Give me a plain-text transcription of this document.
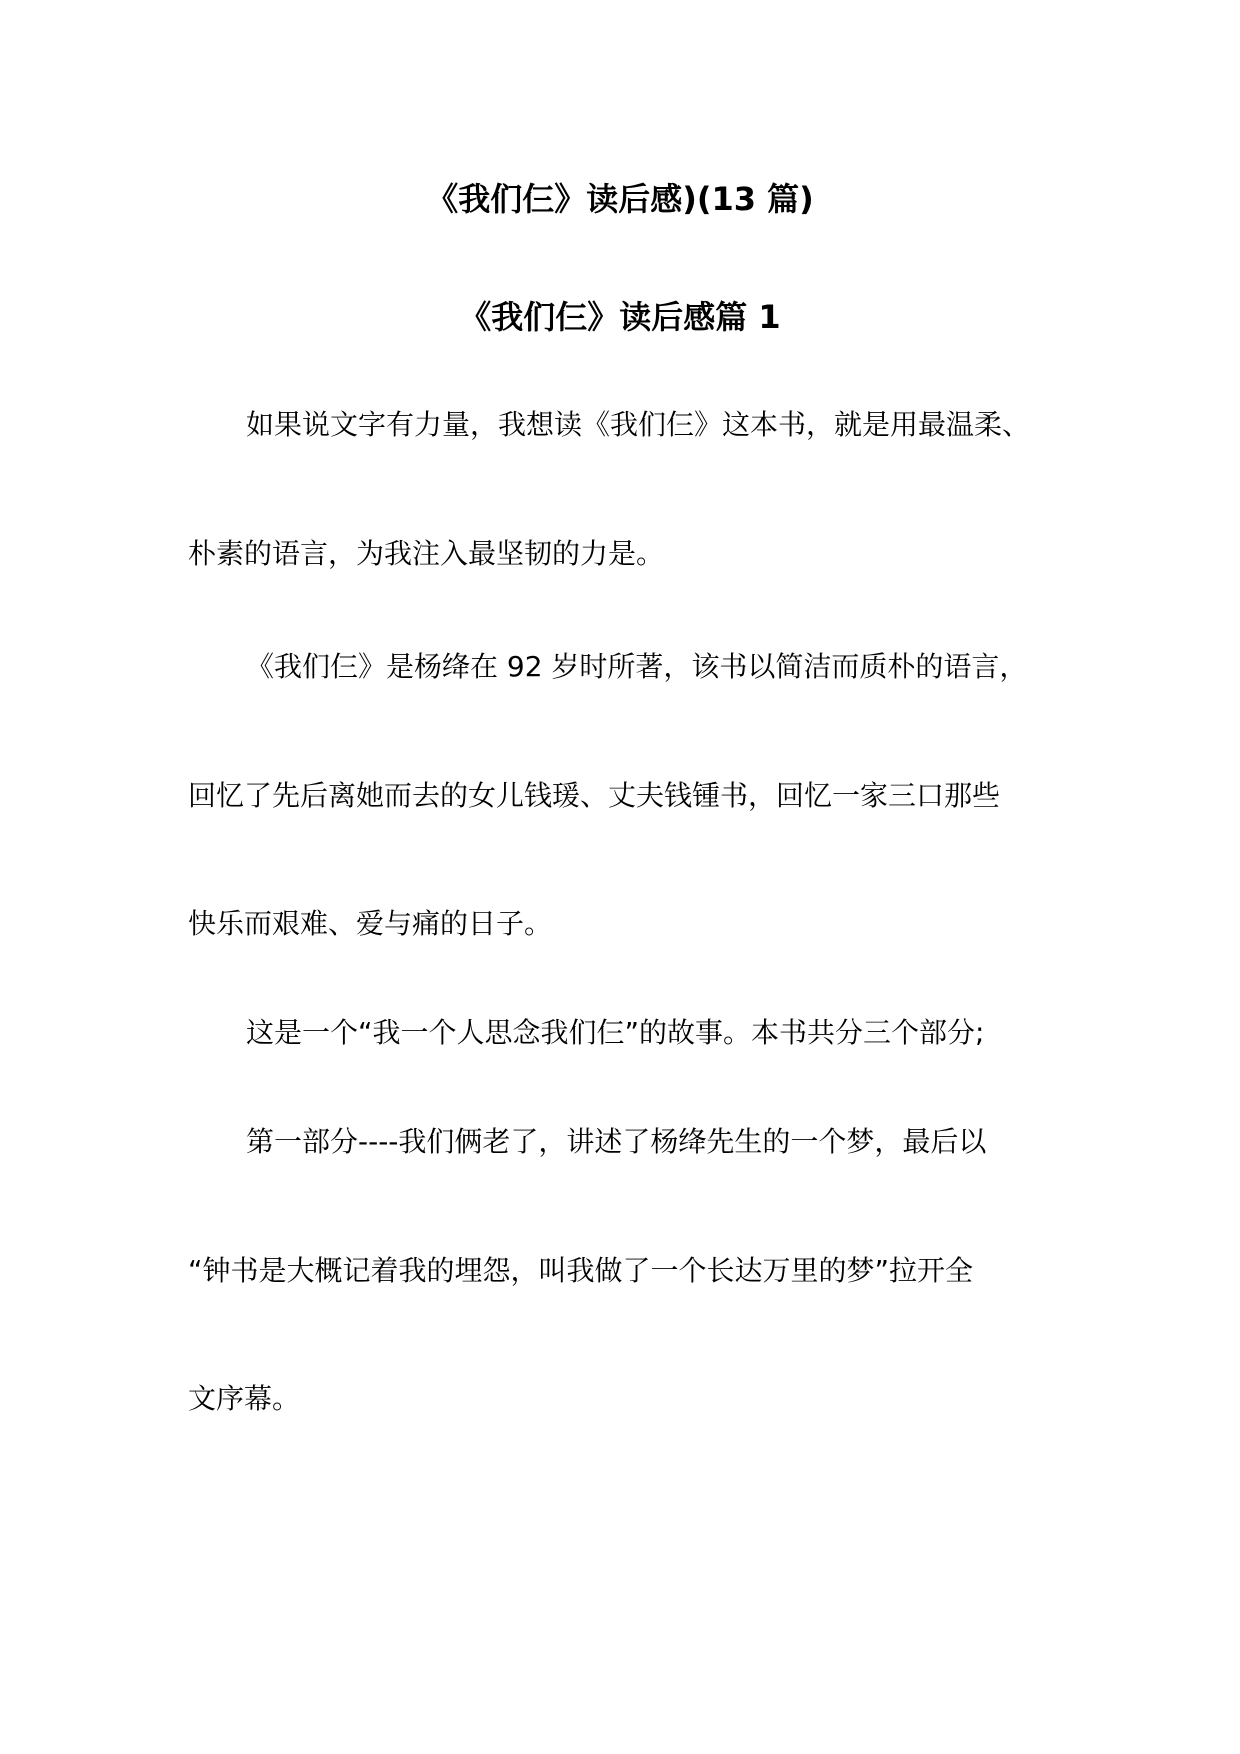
《我们仨》读后感)(13 篇)
《我们仨》读后感篇 1

如果说文字有力量，我想读《我们仨》这本书，就是用最温柔、

朴素的语言，为我注入最坚韧的力是。

《我们仨》是杨绛在 92 岁时所著，该书以简洁而质朴的语言，

回忆了先后离她而去的女儿钱瑗、丈夫钱锺书，回忆一家三口那些

快乐而艰难、爱与痛的日子。

这是一个“我一个人思念我们仨”的故事。本书共分三个部分;

第一部分----我们俩老了，讲述了杨绛先生的一个梦，最后以

“钟书是大概记着我的埋怨，叫我做了一个长达万里的梦”拉开全

文序幕。
